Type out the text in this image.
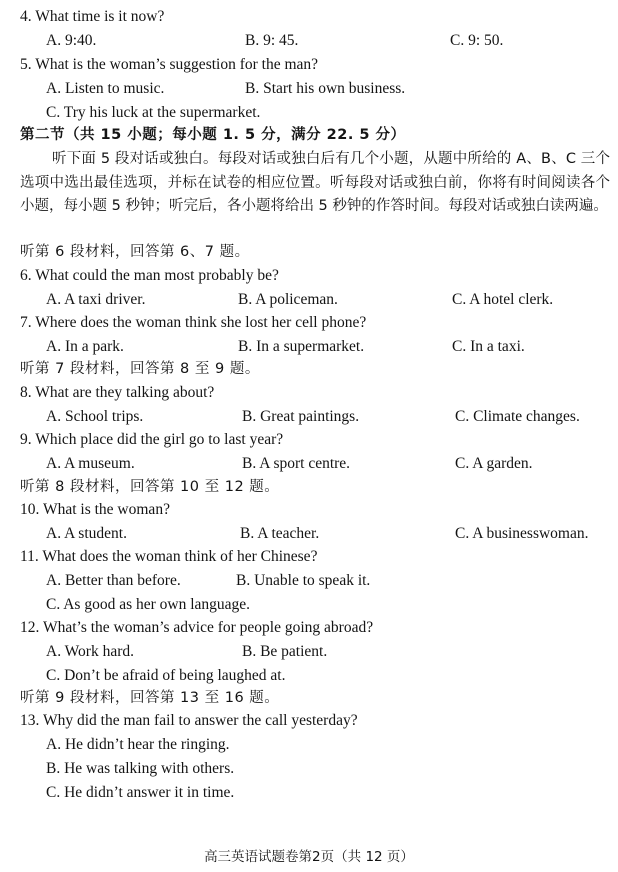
4. What time is it now?
A. 9:40.	B. 9: 45.	C. 9: 50.
5. What is the woman’s suggestion for the man?
A. Listen to music.	B. Start his own business.
C. Try his luck at the supermarket.
第二节（共 15 小题；每小题 1. 5 分，满分 22. 5 分）
听下面 5 段对话或独白。每段对话或独白后有几个小题，从题中所给的 A、B、C 三个选项中选出最佳选项，并标在试卷的相应位置。听每段对话或独白前，你将有时间阅读各个小题，每小题 5 秒钟；听完后，各小题将给出 5 秒钟的作答时间。每段对话或独白读两遍。
听第 6 段材料，回答第 6、7 题。
6. What could the man most probably be?
A. A taxi driver.	B. A policeman.	C. A hotel clerk.
7. Where does the woman think she lost her cell phone?
A. In a park.	B. In a supermarket.	C. In a taxi.
听第 7 段材料，回答第 8 至 9 题。
8. What are they talking about?
A. School trips.	B. Great paintings.	C. Climate changes.
9. Which place did the girl go to last year?
A. A museum.	B. A sport centre.	C. A garden.
听第 8 段材料，回答第 10 至 12 题。
10. What is the woman?
A. A student.	B. A teacher.	C. A businesswoman.
11. What does the woman think of her Chinese?
A. Better than before.	B. Unable to speak it.
C. As good as her own language.
12. What’s the woman’s advice for people going abroad?
A. Work hard.	B. Be patient.
C. Don’t be afraid of being laughed at.
听第 9 段材料，回答第 13 至 16 题。
13. Why did the man fail to answer the call yesterday?
A. He didn’t hear the ringing.
B. He was talking with others.
C. He didn’t answer it in time.
高三英语试题卷第2页（共 12 页）
